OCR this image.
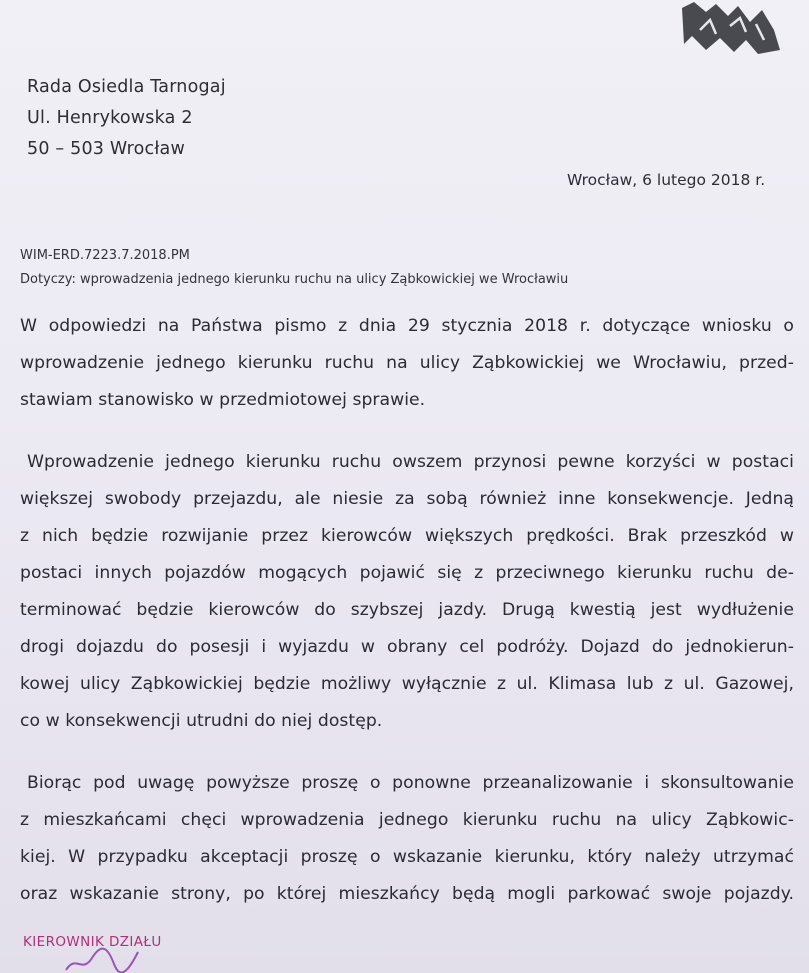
Rada Osiedla Tarnogaj
Ul. Henrykowska 2
50 – 503 Wrocław
Wrocław, 6 lutego 2018 r.
WIM-ERD.7223.7.2018.PM
Dotyczy: wprowadzenia jednego kierunku ruchu na ulicy Ząbkowickiej we Wrocławiu
W odpowiedzi na Państwa pismo z dnia 29 stycznia 2018 r. dotyczące wniosku o
wprowadzenie jednego kierunku ruchu na ulicy Ząbkowickiej we Wrocławiu, przed-
stawiam stanowisko w przedmiotowej sprawie.
Wprowadzenie jednego kierunku ruchu owszem przynosi pewne korzyści w postaci
większej swobody przejazdu, ale niesie za sobą również inne konsekwencje. Jedną
z nich będzie rozwijanie przez kierowców większych prędkości. Brak przeszkód w
postaci innych pojazdów mogących pojawić się z przeciwnego kierunku ruchu de-
terminować będzie kierowców do szybszej jazdy. Drugą kwestią jest wydłużenie
drogi dojazdu do posesji i wyjazdu w obrany cel podróży. Dojazd do jednokierun-
kowej ulicy Ząbkowickiej będzie możliwy wyłącznie z ul. Klimasa lub z ul. Gazowej,
co w konsekwencji utrudni do niej dostęp.
Biorąc pod uwagę powyższe proszę o ponowne przeanalizowanie i skonsultowanie
z mieszkańcami chęci wprowadzenia jednego kierunku ruchu na ulicy Ząbkowic-
kiej. W przypadku akceptacji proszę o wskazanie kierunku, który należy utrzymać
oraz wskazanie strony, po której mieszkańcy będą mogli parkować swoje pojazdy.
KIEROWNIK DZIAŁU
